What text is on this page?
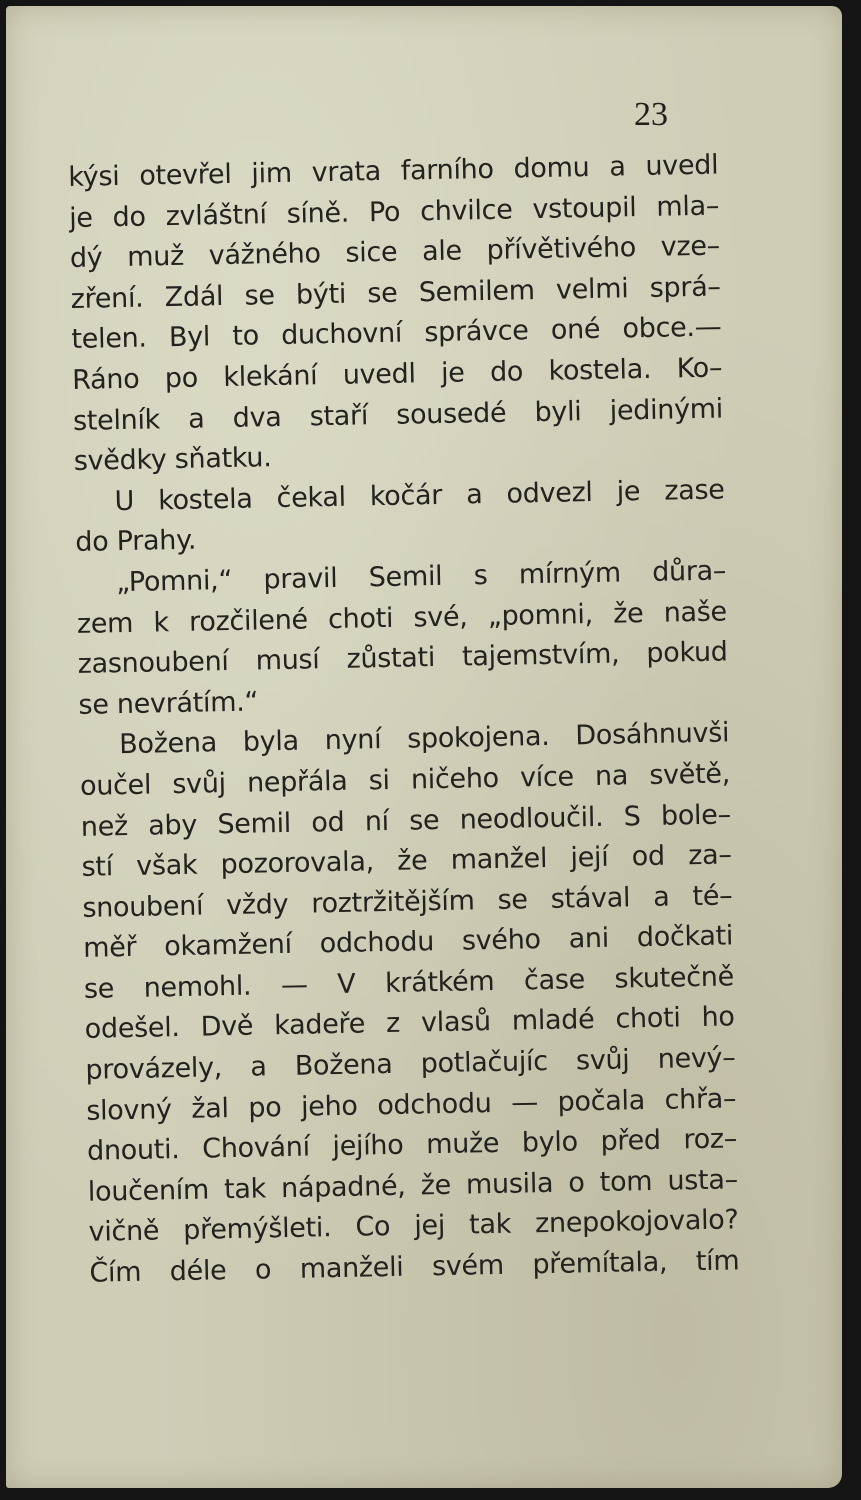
23
kýsi otevřel jim vrata farního domu a uvedl
je do zvláštní síně. Po chvilce vstoupil mla–
dý muž vážného sice ale přívětivého vze–
zření. Zdál se býti se Semilem velmi sprá–
telen. Byl to duchovní správce oné obce.—
Ráno po klekání uvedl je do kostela. Ko–
stelník a dva staří sousedé byli jedinými
svědky sňatku.
U kostela čekal kočár a odvezl je zase
do Prahy.
„Pomni,“ pravil Semil s mírným důra–
zem k rozčilené choti své, „pomni, že naše
zasnoubení musí zůstati tajemstvím, pokud
se nevrátím.“
Božena byla nyní spokojena. Dosáhnuvši
oučel svůj nepřála si ničeho více na světě,
než aby Semil od ní se neodloučil. S bole–
stí však pozorovala, že manžel její od za–
snoubení vždy roztržitějším se stával a té–
měř okamžení odchodu svého ani dočkati
se nemohl. — V krátkém čase skutečně
odešel. Dvě kadeře z vlasů mladé choti ho
provázely, a Božena potlačujíc svůj nevý–
slovný žal po jeho odchodu — počala chřa–
dnouti. Chování jejího muže bylo před roz–
loučením tak nápadné, že musila o tom usta–
vičně přemýšleti. Co jej tak znepokojovalo?
Čím déle o manželi svém přemítala, tím
